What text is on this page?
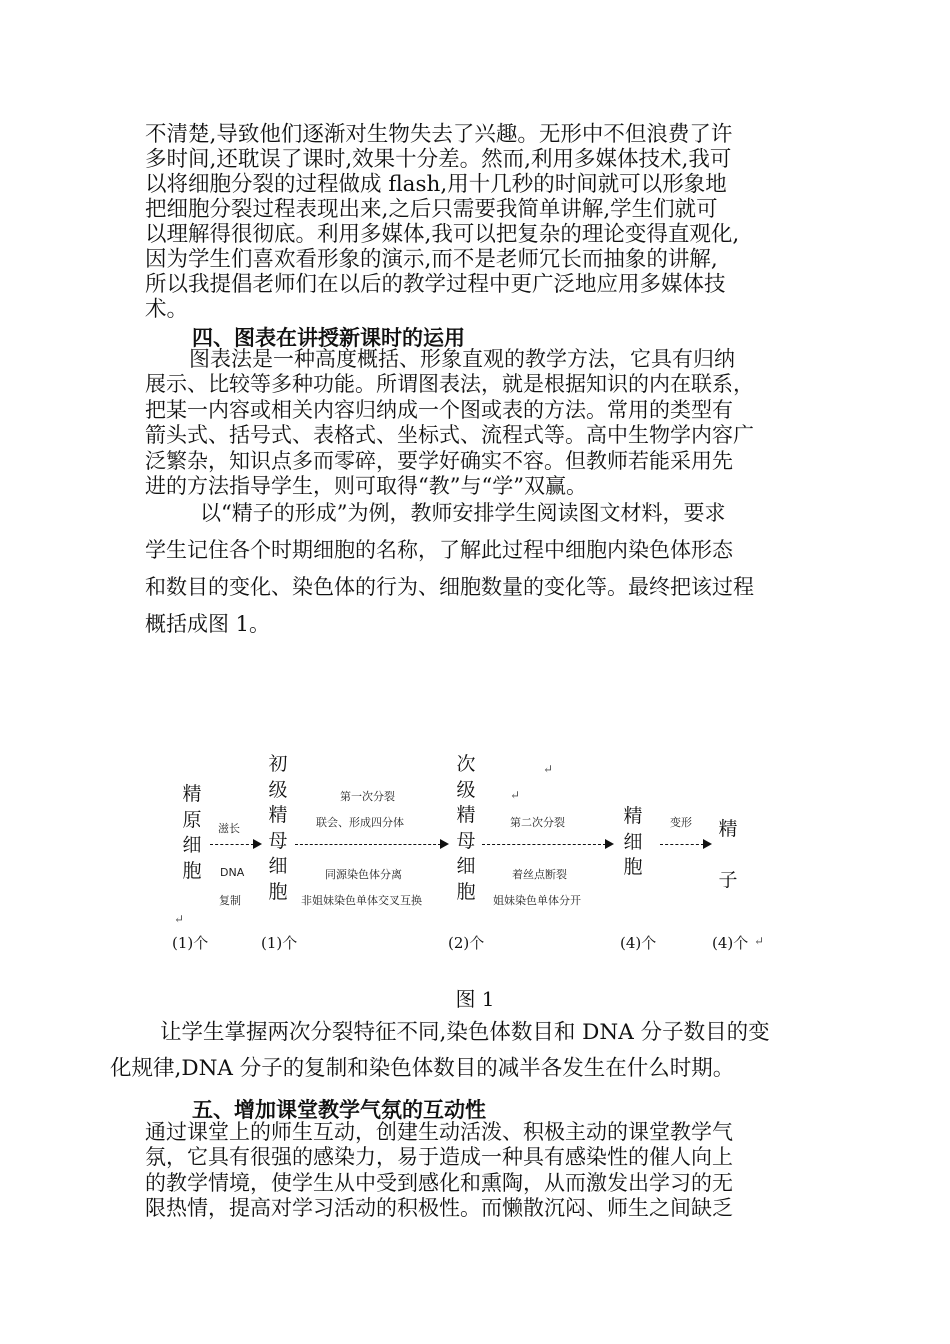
不清楚,导致他们逐渐对生物失去了兴趣。无形中不但浪费了许
多时间,还耽误了课时,效果十分差。然而,利用多媒体技术,我可
以将细胞分裂的过程做成 flash,用十几秒的时间就可以形象地
把细胞分裂过程表现出来,之后只需要我简单讲解,学生们就可
以理解得很彻底。利用多媒体,我可以把复杂的理论变得直观化,
因为学生们喜欢看形象的演示,而不是老师冗长而抽象的讲解,
所以我提倡老师们在以后的教学过程中更广泛地应用多媒体技
术。
四、图表在讲授新课时的运用
图表法是一种高度概括、形象直观的教学方法，它具有归纳
展示、比较等多种功能。所谓图表法，就是根据知识的内在联系，
把某一内容或相关内容归纳成一个图或表的方法。常用的类型有
箭头式、括号式、表格式、坐标式、流程式等。高中生物学内容广
泛繁杂，知识点多而零碎，要学好确实不容。但教师若能采用先
进的方法指导学生，则可取得“教”与“学”双赢。
以“精子的形成”为例，教师安排学生阅读图文材料，要求
学生记住各个时期细胞的名称，了解此过程中细胞内染色体形态
和数目的变化、染色体的行为、细胞数量的变化等。最终把该过程
概括成图 1。
精
原
细
胞
初
级
精
母
细
胞
次
级
精
母
细
胞
精
细
胞
精
子
滋长
DNA
复制
第一次分裂
联会、形成四分体
同源染色体分离
非姐妹染色单体交叉互换
第二次分裂
着丝点断裂
姐妹染色单体分开
变形
(1)个	(1)个	(2)个	(4)个	(4)个
↵
↵
↵
↵
图 1
让学生掌握两次分裂特征不同,染色体数目和 DNA 分子数目的变
化规律,DNA 分子的复制和染色体数目的减半各发生在什么时期。
五、增加课堂教学气氛的互动性
通过课堂上的师生互动，创建生动活泼、积极主动的课堂教学气
氛，它具有很强的感染力，易于造成一种具有感染性的催人向上
的教学情境，使学生从中受到感化和熏陶，从而激发出学习的无
限热情，提高对学习活动的积极性。而懒散沉闷、师生之间缺乏
